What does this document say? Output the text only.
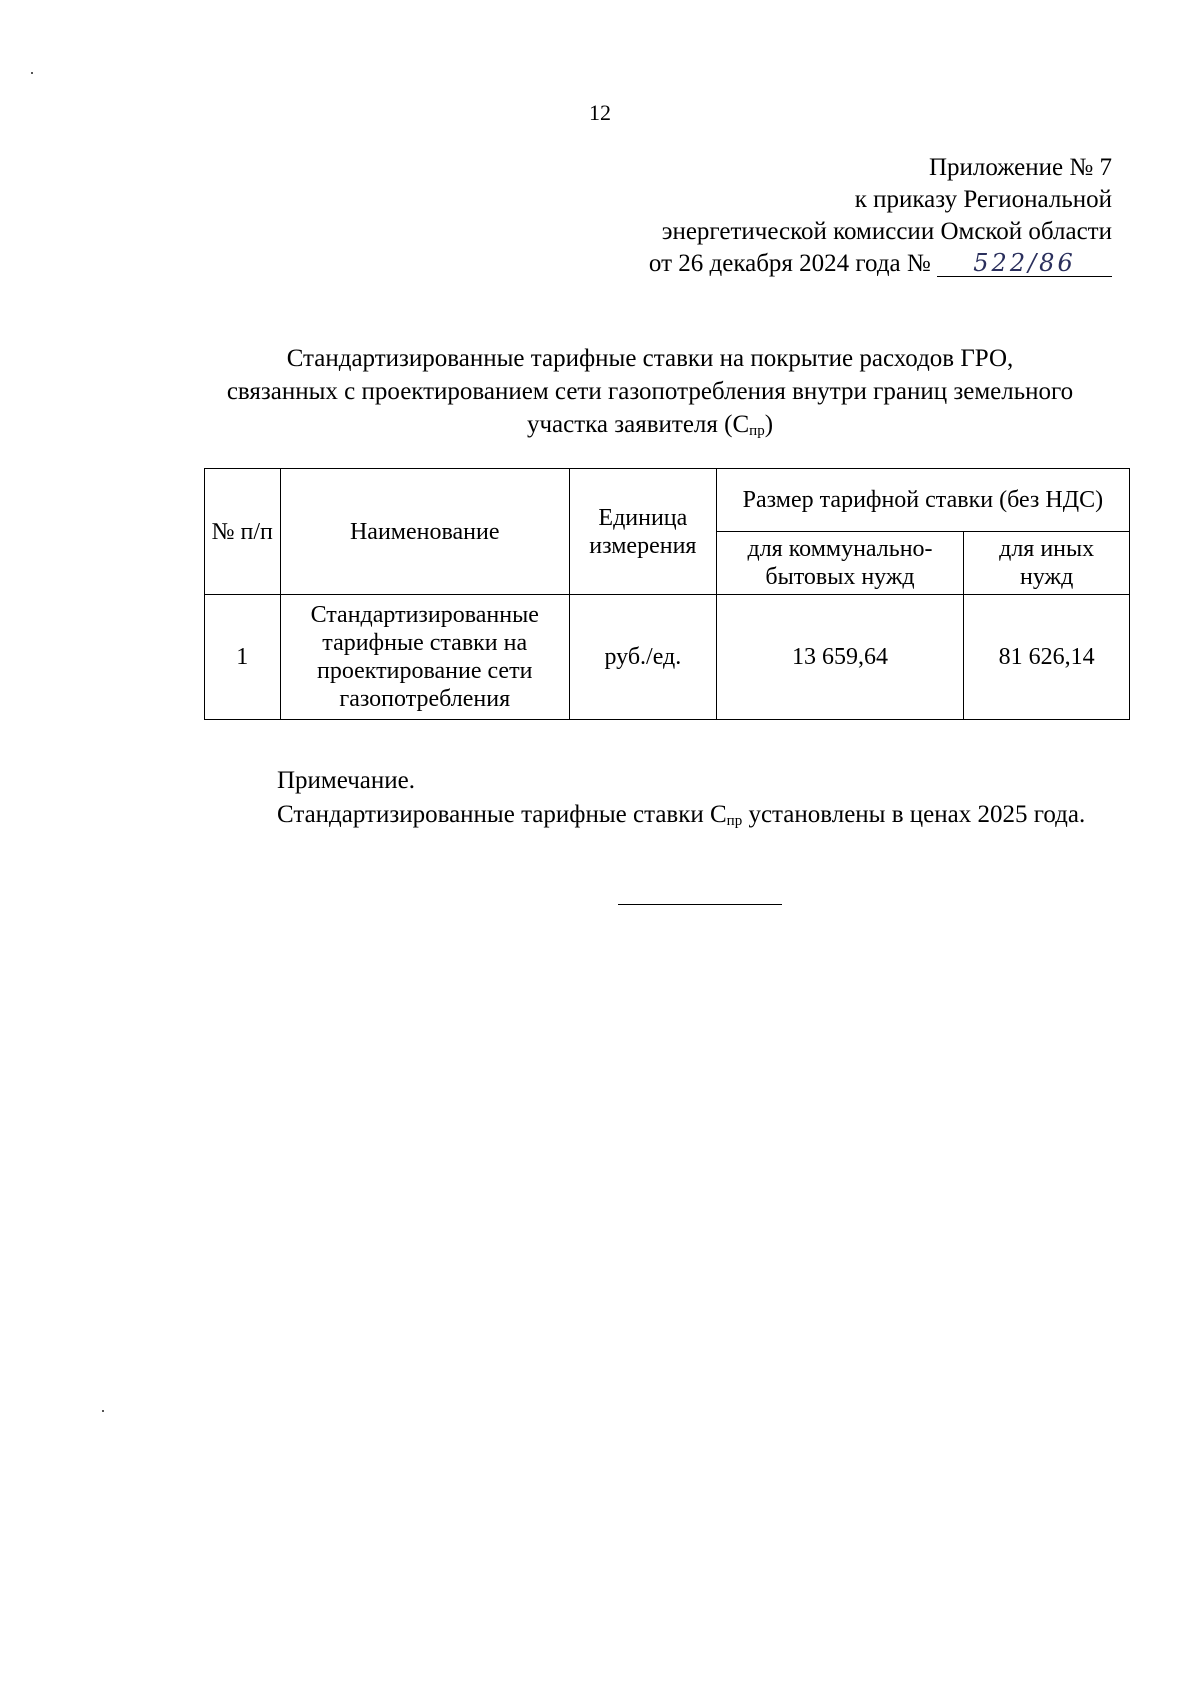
12
Приложение № 7
к приказу Региональной
энергетической комиссии Омской области
от 26 декабря 2024 года № 522/86
Стандартизированные тарифные ставки на покрытие расходов ГРО,
связанных с проектированием сети газопотребления внутри границ земельного
участка заявителя $(С_{пр})$
№ п/п	Наименование	Единица измерения	Размер тарифной ставки (без НДС)	
			для коммунально-бытовых нужд	для иных нужд
1	Стандартизированные тарифные ставки на проектирование сети газопотребления	руб./ед.	13 659,64	81 626,14
Примечание.
Стандартизированные тарифные ставки $С_{пр}$ установлены в ценах 2025 года.
